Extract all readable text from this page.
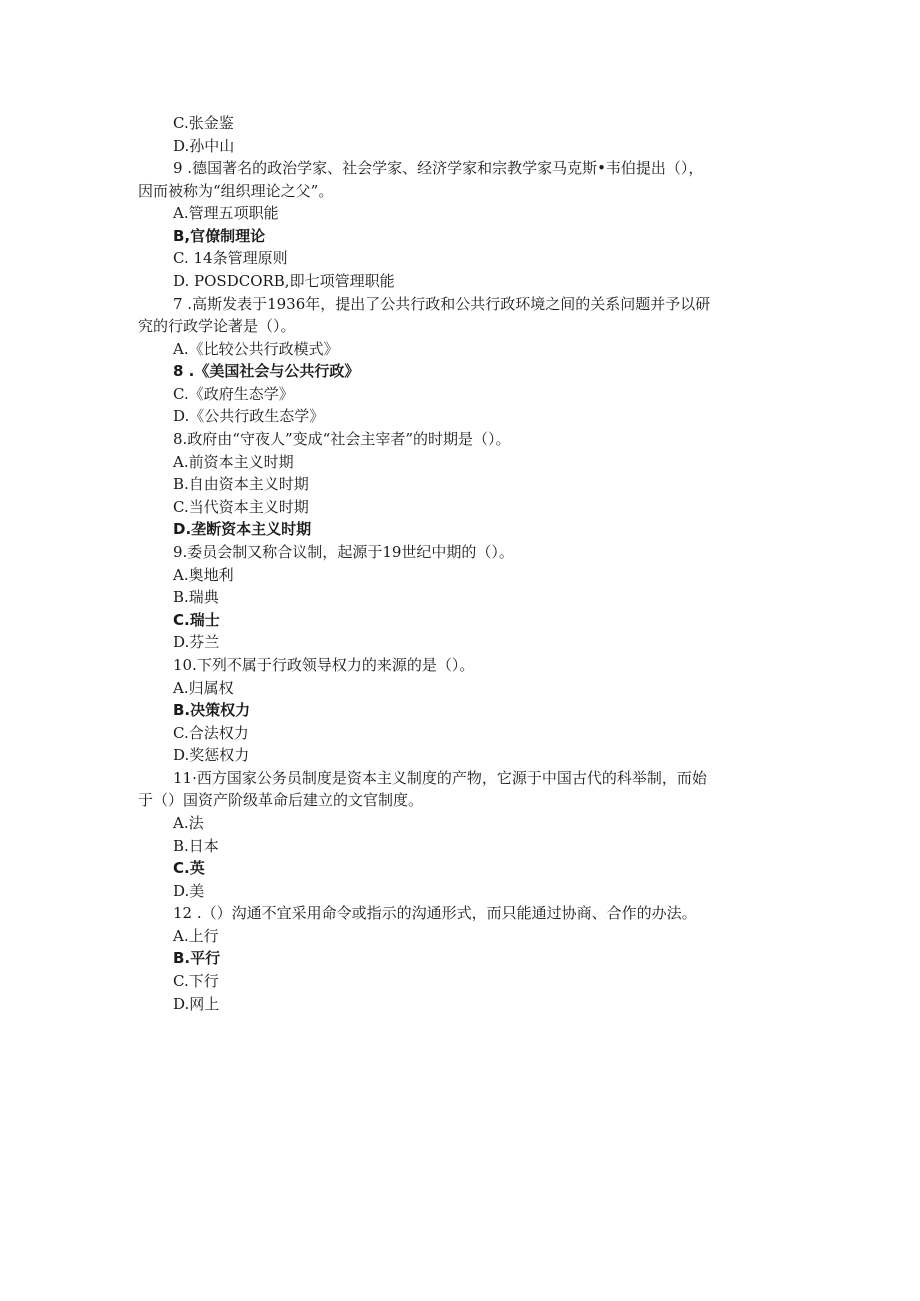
C.张金鉴
D.孙中山
9 .德国著名的政治学家、社会学家、经济学家和宗教学家马克斯•韦伯提出（），
因而被称为“组织理论之父”。
A.管理五项职能
B,官僚制理论
C. 14条管理原则
D. POSDCORB,即七项管理职能
7 .高斯发表于1936年，提出了公共行政和公共行政环境之间的关系问题并予以研
究的行政学论著是（）。
A.《比较公共行政模式》
8 .《美国社会与公共行政》
C.《政府生态学》
D.《公共行政生态学》
8.政府由“守夜人”变成“社会主宰者”的时期是（）。
A.前资本主义时期
B.自由资本主义时期
C.当代资本主义时期
D.垄断资本主义时期
9.委员会制又称合议制，起源于19世纪中期的（）。
A.奥地利
B.瑞典
C.瑞士
D.芬兰
10.下列不属于行政领导权力的来源的是（）。
A.归属权
B.决策权力
C.合法权力
D.奖惩权力
11·西方国家公务员制度是资本主义制度的产物，它源于中国古代的科举制，而始
于（）国资产阶级革命后建立的文官制度。
A.法
B.日本
C.英
D.美
12 .（）沟通不宜采用命令或指示的沟通形式，而只能通过协商、合作的办法。
A.上行
B.平行
C.下行
D.网上
